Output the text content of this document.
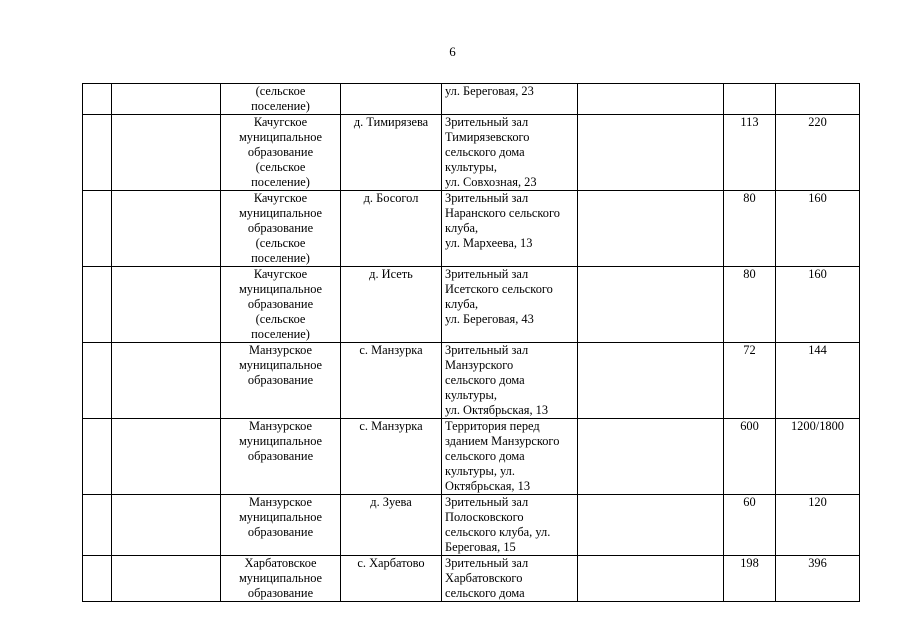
6

		(сельское
поселение)		ул. Береговая, 23			

		Качугское
муниципальное
образование
(сельское
поселение)	д. Тимирязева	Зрительный зал
Тимирязевского
сельского дома
культуры,
ул. Совхозная, 23		113	220

		Качугское
муниципальное
образование
(сельское
поселение)	д. Босогол	Зрительный зал
Наранского сельского
клуба,
ул. Мархеева, 13		80	160

		Качугское
муниципальное
образование
(сельское
поселение)	д. Исеть	Зрительный зал
Исетского сельского
клуба,
ул. Береговая, 43		80	160

		Манзурское
муниципальное
образование	с. Манзурка	Зрительный зал
Манзурского
сельского дома
культуры,
ул. Октябрьская, 13		72	144

		Манзурское
муниципальное
образование	с. Манзурка	Территория перед
зданием Манзурского
сельского дома
культуры, ул.
Октябрьская, 13		600	1200/1800

		Манзурское
муниципальное
образование	д. Зуева	Зрительный зал
Полосковского
сельского клуба, ул.
Береговая, 15		60	120

		Харбатовское
муниципальное
образование	с. Харбатово	Зрительный зал
Харбатовского
сельского дома		198	396
